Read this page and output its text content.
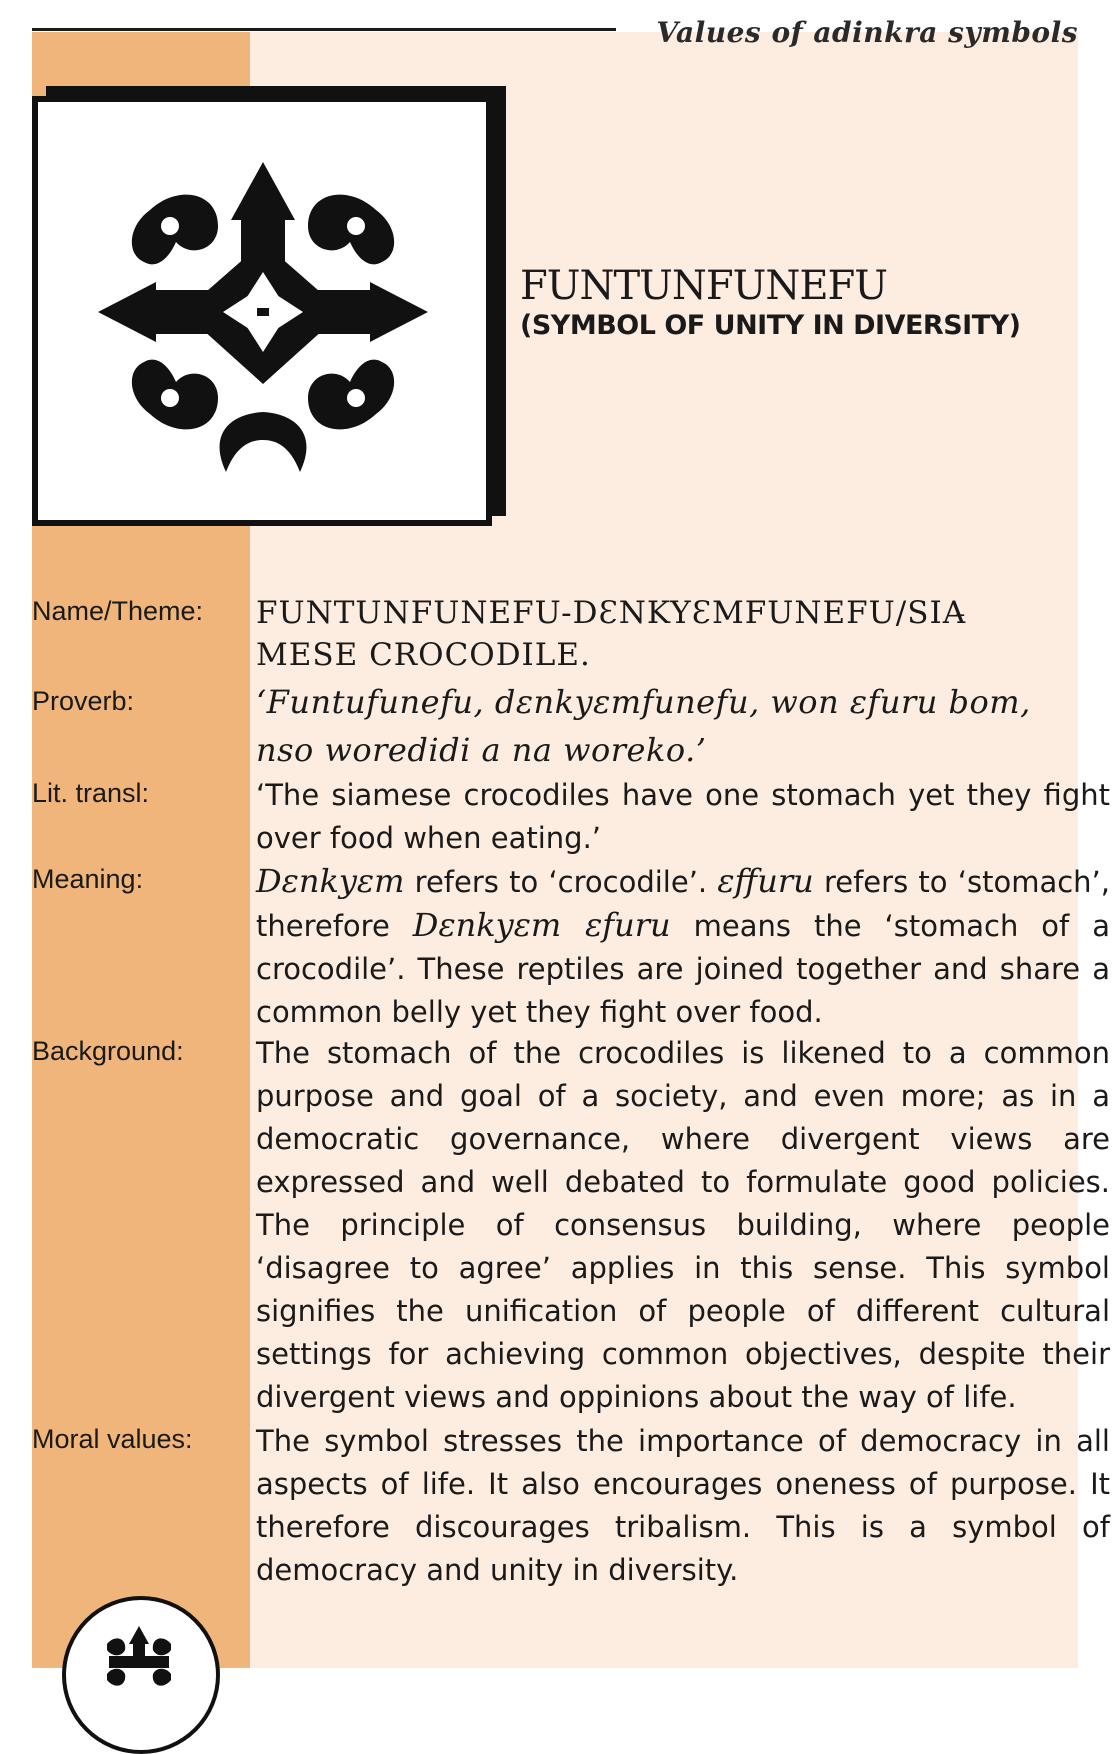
Values of adinkra symbols
FUNTUNFUNEFU
(SYMBOL OF UNITY IN DIVERSITY)
Name/Theme:	FUNTUNFUNEFU-DƐNKYƐMFUNEFU/SIA̵
MESE CROCODILE.
Proverb:	‘Funtufunefu, dɛnkyɛmfunefu, won ɛfuru bom,
nso woredidi a na woreko.’
Lit. transl:	‘The siamese crocodiles have one stomach yet they fight over food when eating.’
Meaning:	Dɛnkyɛm refers to ‘crocodile’. ɛffuru refers to ‘stomach’, therefore Dɛnkyɛm ɛfuru means the ‘stomach of a crocodile’. These reptiles are joined together and share a common belly yet they fight over food.
Background:	The stomach of the crocodiles is likened to a common purpose and goal of a society, and even more; as in a democratic governance, where divergent views are expressed and well debated to formulate good policies. The principle of consensus building, where people ‘disagree to agree’ applies in this sense. This symbol signifies the unification of people of different cultural settings for achieving common objectives, despite their divergent views and oppinions about the way of life.
Moral values:	The symbol stresses the importance of democracy in all aspects of life. It also encourages oneness of purpose. It therefore discourages tribalism. This is a symbol of democracy and unity in diversity.
